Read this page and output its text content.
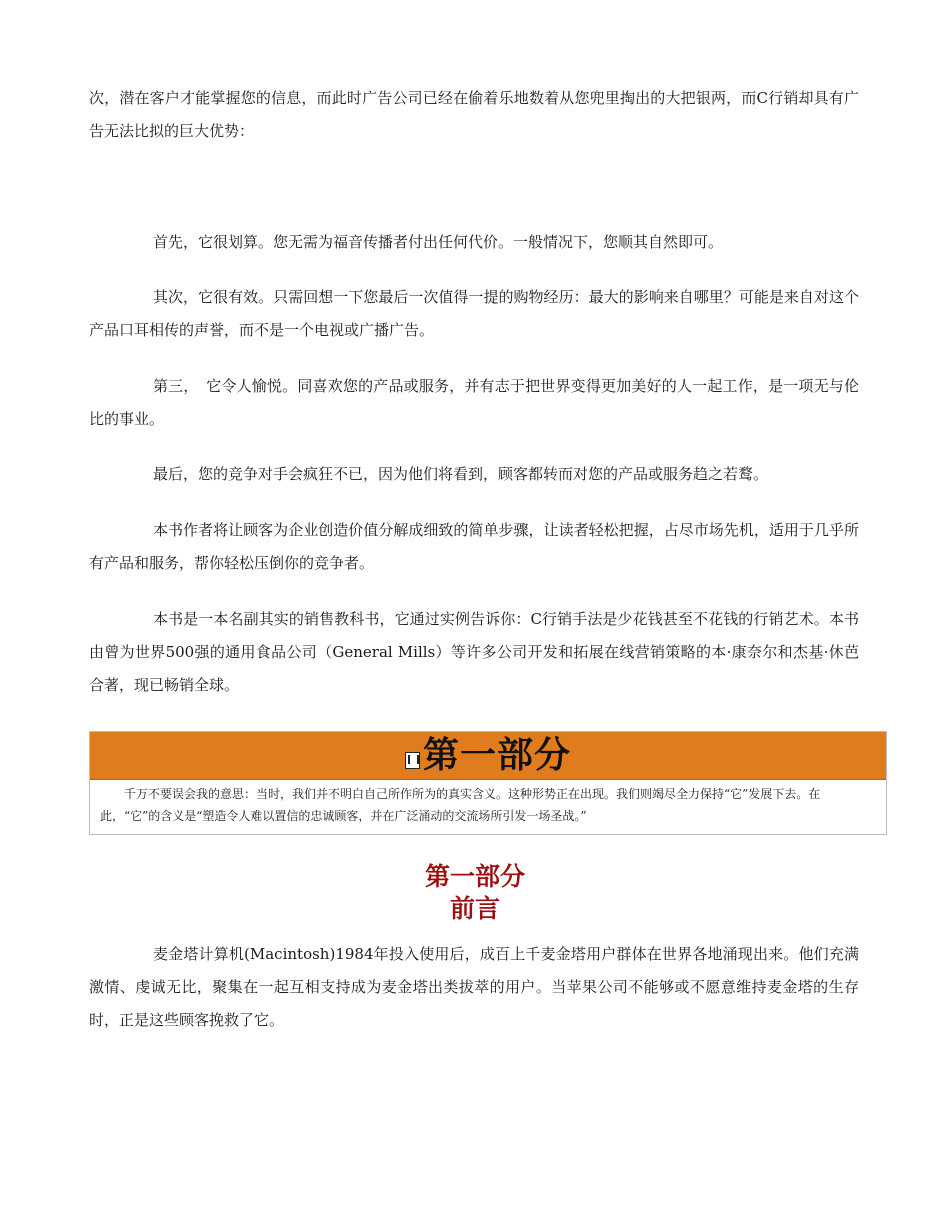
次，潜在客户才能掌握您的信息，而此时广告公司已经在偷着乐地数着从您兜里掏出的大把银两，而C行销却具有广告无法比拟的巨大优势：

首先，它很划算。您无需为福音传播者付出任何代价。一般情况下，您顺其自然即可。

其次，它很有效。只需回想一下您最后一次值得一提的购物经历：最大的影响来自哪里？可能是来自对这个产品口耳相传的声誉，而不是一个电视或广播广告。

第三，　它令人愉悦。同喜欢您的产品或服务，并有志于把世界变得更加美好的人一起工作，是一项无与伦比的事业。

最后，您的竞争对手会疯狂不已，因为他们将看到，顾客都转而对您的产品或服务趋之若鹜。

本书作者将让顾客为企业创造价值分解成细致的简单步骤，让读者轻松把握，占尽市场先机，适用于几乎所有产品和服务，帮你轻松压倒你的竞争者。

本书是一本名副其实的销售教科书，它通过实例告诉你：C行销手法是少花钱甚至不花钱的行销艺术。本书由曾为世界500强的通用食品公司（General Mills）等许多公司开发和拓展在线营销策略的本·康奈尔和杰基·休芭合著，现已畅销全球。

第一部分

千万不要误会我的意思：当时，我们并不明白自己所作所为的真实含义。这种形势正在出现。我们则竭尽全力保持“它”发展下去。在此，“它”的含义是“塑造令人难以置信的忠诚顾客，并在广泛涌动的交流场所引发一场圣战。”

第一部分

前言

麦金塔计算机(Macintosh)1984年投入使用后，成百上千麦金塔用户群体在世界各地涌现出来。他们充满激情、虔诚无比，聚集在一起互相支持成为麦金塔出类拔萃的用户。当苹果公司不能够或不愿意维持麦金塔的生存时，正是这些顾客挽救了它。
